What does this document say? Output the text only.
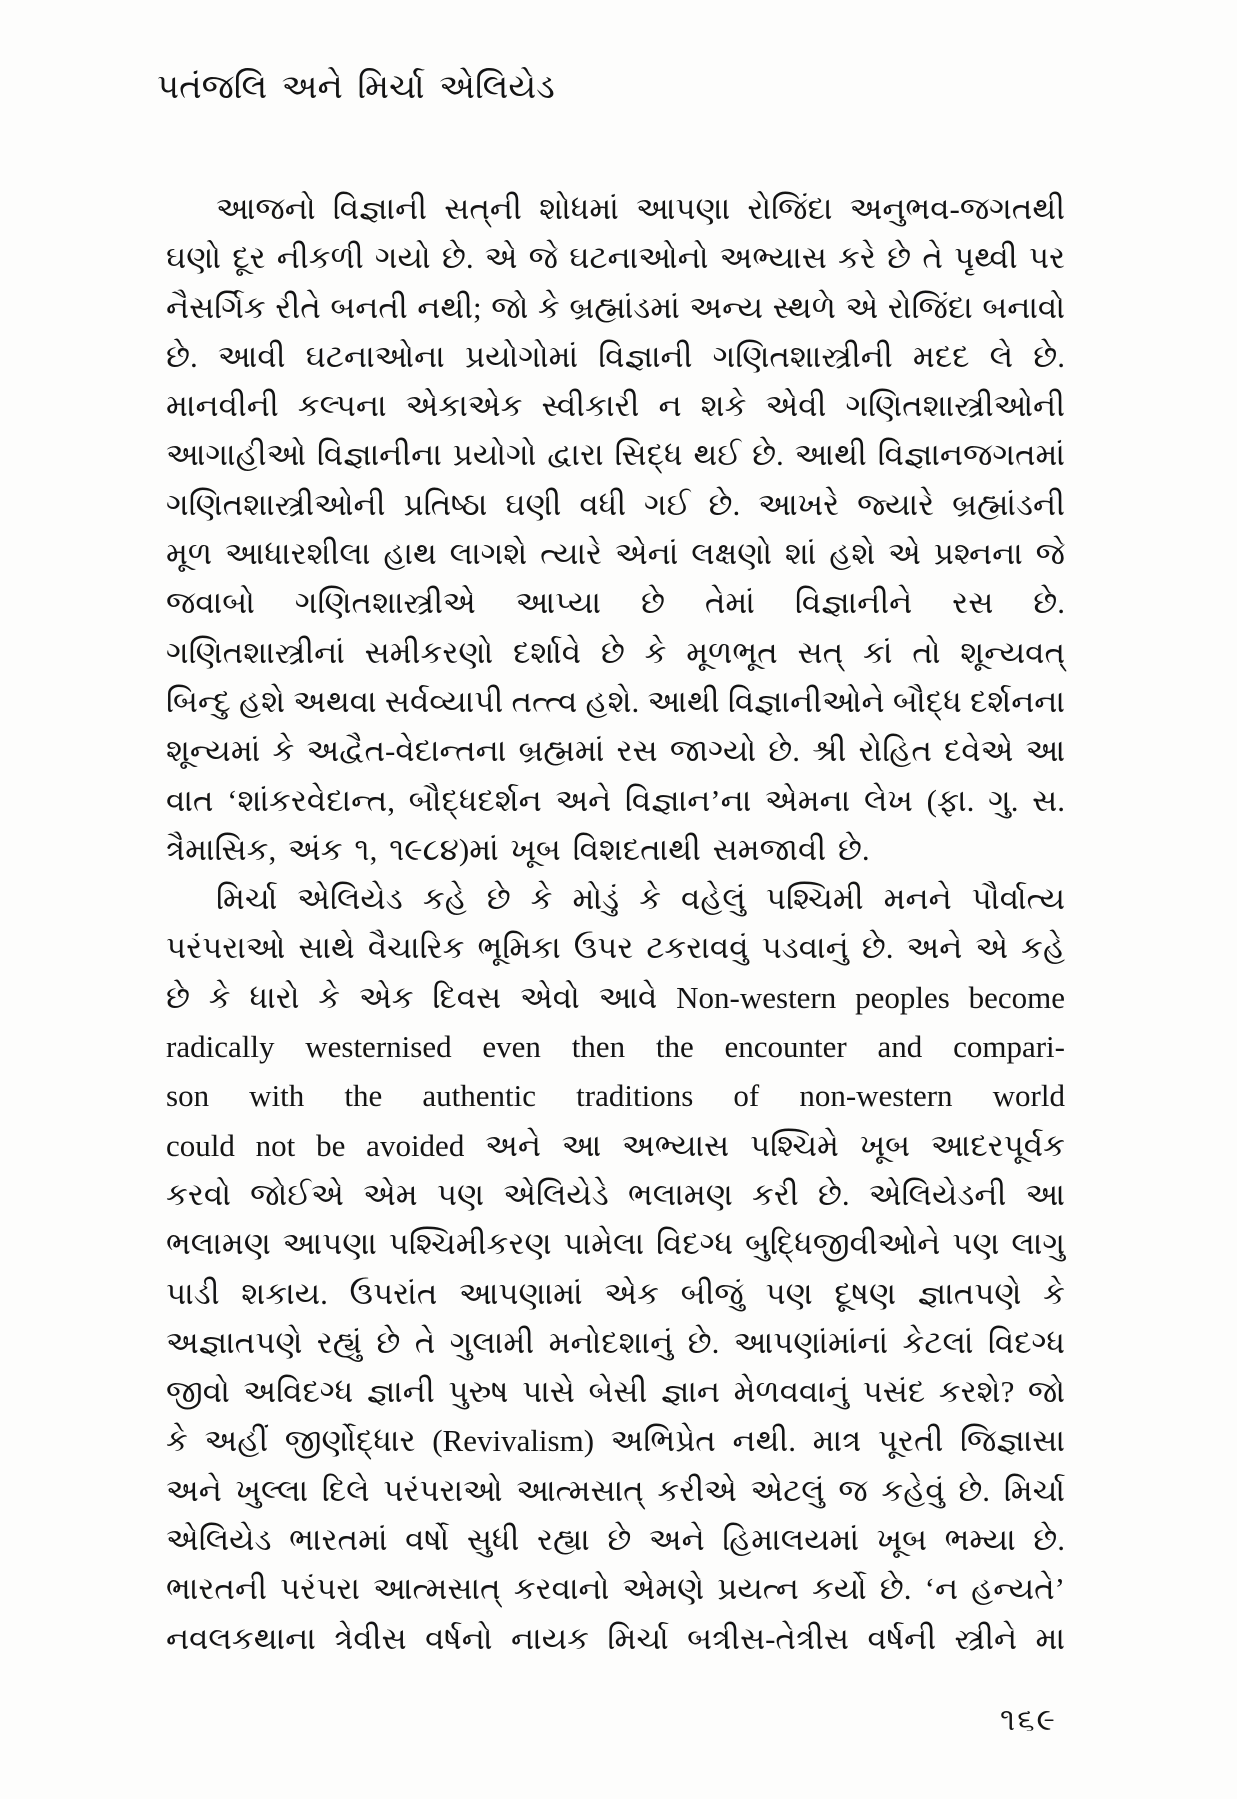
પતંજલિ અને મિર્ચા એલિયેડ
આજનો વિજ્ઞાની સત્‌ની શોધમાં આપણા રોજિંદા અનુભવ-જગતથી
ઘણો દૂર નીકળી ગયો છે. એ જે ઘટનાઓનો અભ્યાસ કરે છે તે પૃથ્વી પર
નૈસર્ગિક રીતે બનતી નથી; જો કે બ્રહ્માંડમાં અન્ય સ્થળે એ રોજિંદા બનાવો
છે. આવી ઘટનાઓના પ્રયોગોમાં વિજ્ઞાની ગણિતશાસ્ત્રીની મદદ લે છે.
માનવીની કલ્પના એકાએક સ્વીકારી ન શકે એવી ગણિતશાસ્ત્રીઓની
આગાહીઓ વિજ્ઞાનીના પ્રયોગો દ્વારા સિદ્ધ થઈ છે. આથી વિજ્ઞાનજગતમાં
ગણિતશાસ્ત્રીઓની પ્રતિષ્ઠા ઘણી વધી ગઈ છે. આખરે જ્યારે બ્રહ્માંડની
મૂળ આધારશીલા હાથ લાગશે ત્યારે એનાં લક્ષણો શાં હશે એ પ્રશ્નના જે
જવાબો ગણિતશાસ્ત્રીએ આપ્યા છે તેમાં વિજ્ઞાનીને રસ છે.
ગણિતશાસ્ત્રીનાં સમીકરણો દર્શાવે છે કે મૂળભૂત સત્‌ કાં તો શૂન્યવત્‌
બિન્દુ હશે અથવા સર્વવ્યાપી તત્ત્વ હશે. આથી વિજ્ઞાનીઓને બૌદ્ધ દર્શનના
શૂન્યમાં કે અદ્વૈત-વેદાન્તના બ્રહ્મમાં રસ જાગ્યો છે. શ્રી રોહિત દવેએ આ
વાત ‘શાંકરવેદાન્ત, બૌદ્ધદર્શન અને વિજ્ઞાન’ના એમના લેખ (ફા. ગુ. સ.
ત્રૈમાસિક, અંક ૧, ૧૯૮૪)માં ખૂબ વિશદતાથી સમજાવી છે.
મિર્ચા એલિયેડ કહે છે કે મોડું કે વહેલું પશ્ચિમી મનને પૌર્વાત્ય
પરંપરાઓ સાથે વૈચારિક ભૂમિકા ઉપર ટકરાવવું પડવાનું છે. અને એ કહે
છે કે ધારો કે એક દિવસ એવો આવે Non-western peoples become
radically westernised even then the encounter and compari-
son with the authentic traditions of non-western world
could not be avoided અને આ અભ્યાસ પશ્ચિમે ખૂબ આદરપૂર્વક
કરવો જોઈએ એમ પણ એલિયેડે ભલામણ કરી છે. એલિયેડની આ
ભલામણ આપણા પશ્ચિમીકરણ પામેલા વિદગ્ધ બુદ્ધિજીવીઓને પણ લાગુ
પાડી શકાય. ઉપરાંત આપણામાં એક બીજું પણ દૂષણ જ્ઞાતપણે કે
અજ્ઞાતપણે રહ્યું છે તે ગુલામી મનોદશાનું છે. આપણાંમાંનાં કેટલાં વિદગ્ધ
જીવો અવિદગ્ધ જ્ઞાની પુરુષ પાસે બેસી જ્ઞાન મેળવવાનું પસંદ કરશે? જો
કે અહીં જીર્ણોદ્ધાર (Revivalism) અભિપ્રેત નથી. માત્ર પૂરતી જિજ્ઞાસા
અને ખુલ્લા દિલે પરંપરાઓ આત્મસાત્‌ કરીએ એટલું જ કહેવું છે. મિર્ચા
એલિયેડ ભારતમાં વર્ષો સુધી રહ્યા છે અને હિમાલયમાં ખૂબ ભમ્યા છે.
ભારતની પરંપરા આત્મસાત્‌ કરવાનો એમણે પ્રયત્ન કર્યો છે. ‘ન હન્યતે’
નવલકથાના ત્રેવીસ વર્ષનો નાયક મિર્ચા બત્રીસ-તેત્રીસ વર્ષની સ્ત્રીને મા
૧૬૯
